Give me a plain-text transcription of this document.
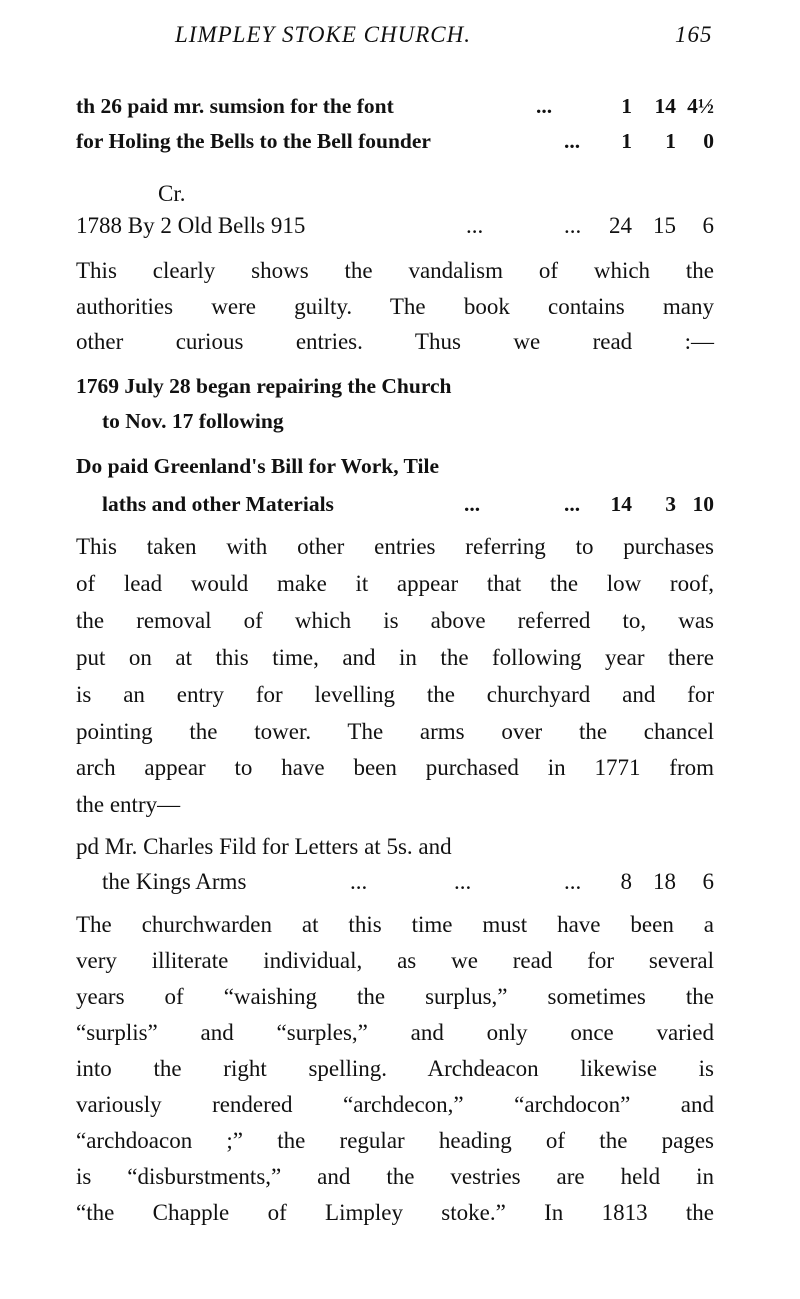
LIMPLEY STOKE CHURCH.	165
th 26 paid mr. sumsion for the font	...	1	14 4½
for Holing the Bells to the Bell founder	...	1	1	0
Cr.
1788 By 2 Old Bells 915	...	...	24 15	6
This clearly shows the vandalism of which the
authorities were guilty. The book contains many
other curious entries. Thus we read :—
1769 July 28 began repairing the Church
to Nov. 17 following
Do paid Greenland's Bill for Work, Tile
laths and other Materials	...	...	14	3 10
This taken with other entries referring to purchases
of lead would make it appear that the low roof,
the removal of which is above referred to, was
put on at this time, and in the following year there
is an entry for levelling the churchyard and for
pointing the tower. The arms over the chancel
arch appear to have been purchased in 1771 from
the entry—
pd Mr. Charles Fild for Letters at 5s. and
the Kings Arms	...	...	...	8 18	6
The churchwarden at this time must have been a
very illiterate individual, as we read for several
years of “waishing the surplus,” sometimes the
“surplis” and “surples,” and only once varied
into the right spelling. Archdeacon likewise is
variously rendered “archdecon,” “archdocon” and
“archdoacon ;” the regular heading of the pages
is “disburstments,” and the vestries are held in
“the Chapple of Limpley stoke.” In 1813 the
